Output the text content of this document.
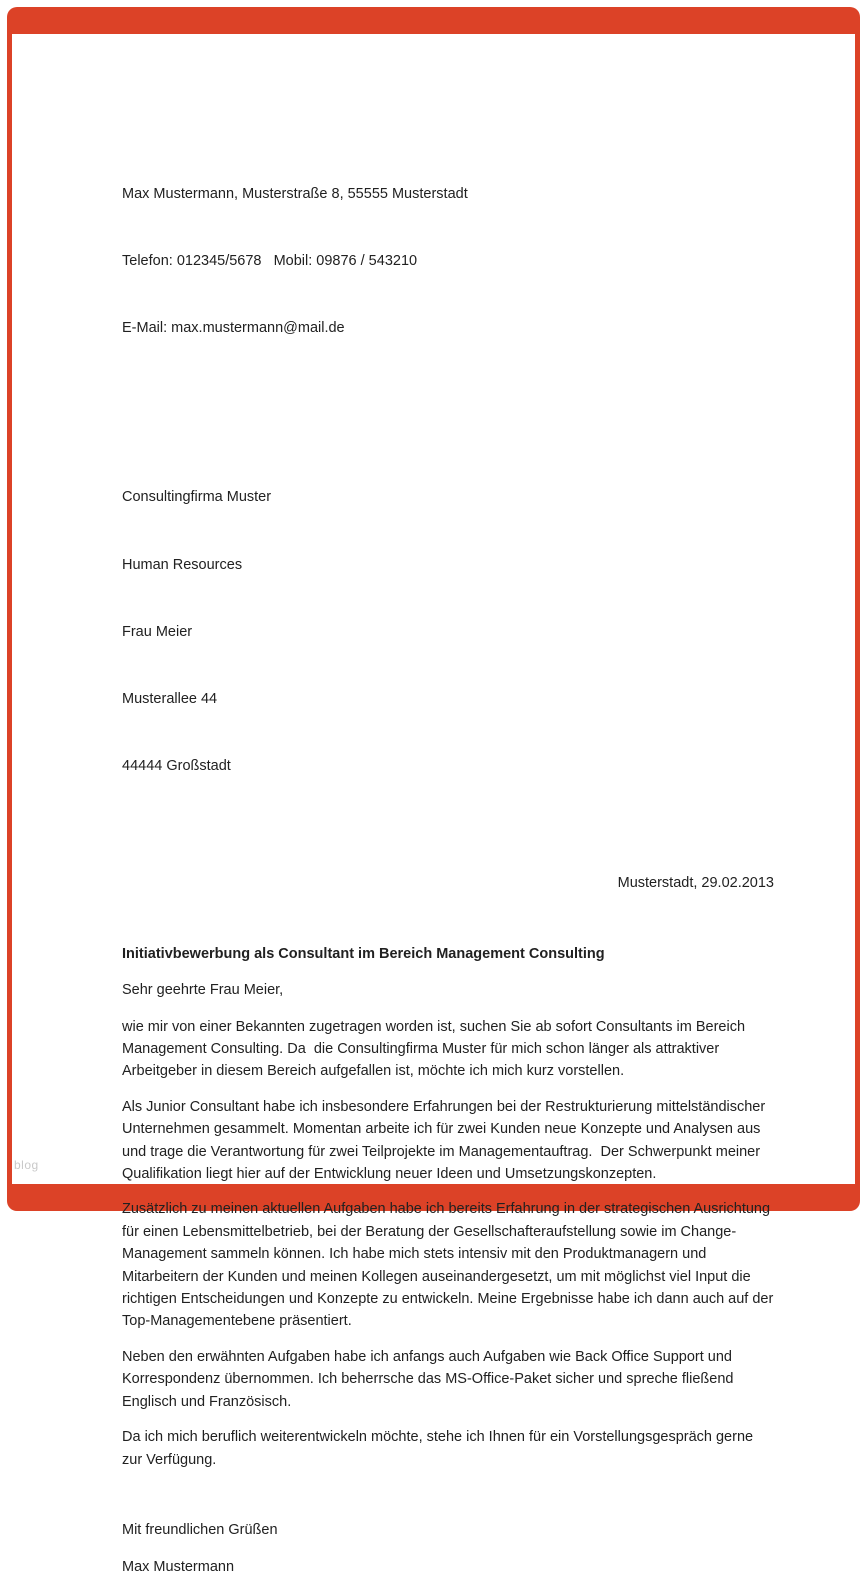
Max Mustermann, Musterstraße 8, 55555 Musterstadt

Telefon: 012345/5678   Mobil: 09876 / 543210

E-Mail: max.mustermann@mail.de

Consultingfirma Muster

Human Resources

Frau Meier

Musterallee 44

44444 Großstadt

Musterstadt, 29.02.2013
Initiativbewerbung als Consultant im Bereich Management Consulting
Sehr geehrte Frau Meier,

wie mir von einer Bekannten zugetragen worden ist, suchen Sie ab sofort Consultants im Bereich Management Consulting. Da  die Consultingfirma Muster für mich schon länger als attraktiver Arbeitgeber in diesem Bereich aufgefallen ist, möchte ich mich kurz vorstellen.

Als Junior Consultant habe ich insbesondere Erfahrungen bei der Restrukturierung mittelständischer Unternehmen gesammelt. Momentan arbeite ich für zwei Kunden neue Konzepte und Analysen aus und trage die Verantwortung für zwei Teilprojekte im Managementauftrag.  Der Schwerpunkt meiner Qualifikation liegt hier auf der Entwicklung neuer Ideen und Umsetzungskonzepten.

Zusätzlich zu meinen aktuellen Aufgaben habe ich bereits Erfahrung in der strategischen Ausrichtung für einen Lebensmittelbetrieb, bei der Beratung der Gesellschafteraufstellung sowie im Change-Management sammeln können. Ich habe mich stets intensiv mit den Produktmanagern und Mitarbeitern der Kunden und meinen Kollegen auseinandergesetzt, um mit möglichst viel Input die richtigen Entscheidungen und Konzepte zu entwickeln. Meine Ergebnisse habe ich dann auch auf der Top-Managementebene präsentiert.

Neben den erwähnten Aufgaben habe ich anfangs auch Aufgaben wie Back Office Support und Korrespondenz übernommen. Ich beherrsche das MS-Office-Paket sicher und spreche fließend Englisch und Französisch.

Da ich mich beruflich weiterentwickeln möchte, stehe ich Ihnen für ein Vorstellungsgespräch gerne zur Verfügung.

Mit freundlichen Grüßen
Max Mustermann
blog
